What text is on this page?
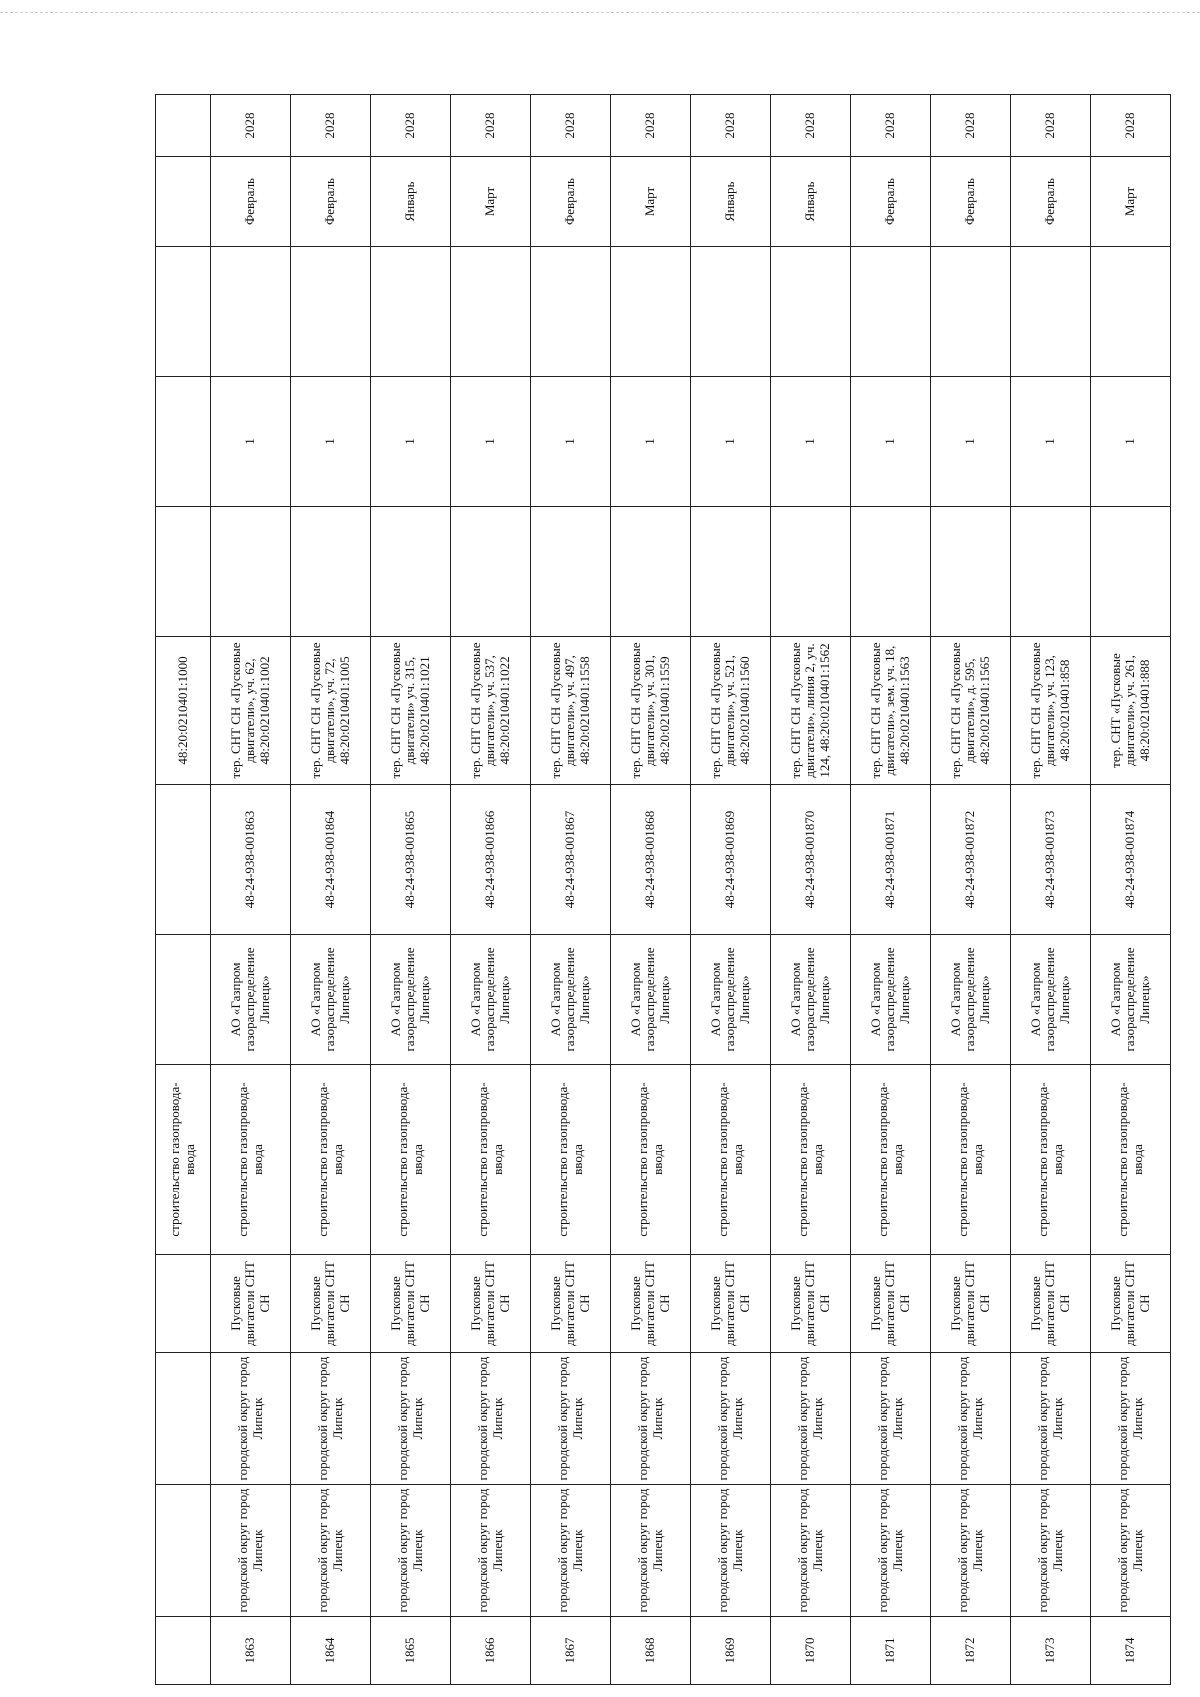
				строительство газопровода-ввода			48:20:0210401:1000					
1863	городской округ город Липецк	городской округ город Липецк	Пусковые двигатели СНТ СН	строительство газопровода-ввода	АО «Газпром газораспределение Липецк»	48-24-938-001863	тер. СНТ СН «Пусковые двигатели», уч. 62, 48:20:0210401:1002		1		Февраль	2028
1864	городской округ город Липецк	городской округ город Липецк	Пусковые двигатели СНТ СН	строительство газопровода-ввода	АО «Газпром газораспределение Липецк»	48-24-938-001864	тер. СНТ СН «Пусковые двигатели», уч. 72, 48:20:0210401:1005		1		Февраль	2028
1865	городской округ город Липецк	городской округ город Липецк	Пусковые двигатели СНТ СН	строительство газопровода-ввода	АО «Газпром газораспределение Липецк»	48-24-938-001865	тер. СНТ СН «Пусковые двигатели» уч. 315, 48:20:0210401:1021		1		Январь	2028
1866	городской округ город Липецк	городской округ город Липецк	Пусковые двигатели СНТ СН	строительство газопровода-ввода	АО «Газпром газораспределение Липецк»	48-24-938-001866	тер. СНТ СН «Пусковые двигатели», уч. 537, 48:20:0210401:1022		1		Март	2028
1867	городской округ город Липецк	городской округ город Липецк	Пусковые двигатели СНТ СН	строительство газопровода-ввода	АО «Газпром газораспределение Липецк»	48-24-938-001867	тер. СНТ СН «Пусковые двигатели», уч. 497, 48:20:0210401:1558		1		Февраль	2028
1868	городской округ город Липецк	городской округ город Липецк	Пусковые двигатели СНТ СН	строительство газопровода-ввода	АО «Газпром газораспределение Липецк»	48-24-938-001868	тер. СНТ СН «Пусковые двигатели», уч. 301, 48:20:0210401:1559		1		Март	2028
1869	городской округ город Липецк	городской округ город Липецк	Пусковые двигатели СНТ СН	строительство газопровода-ввода	АО «Газпром газораспределение Липецк»	48-24-938-001869	тер. СНТ СН «Пусковые двигатели», уч. 521, 48:20:0210401:1560		1		Январь	2028
1870	городской округ город Липецк	городской округ город Липецк	Пусковые двигатели СНТ СН	строительство газопровода-ввода	АО «Газпром газораспределение Липецк»	48-24-938-001870	тер. СНТ СН «Пусковые двигатели», линия 2, уч. 124, 48:20:0210401:1562		1		Январь	2028
1871	городской округ город Липецк	городской округ город Липецк	Пусковые двигатели СНТ СН	строительство газопровода-ввода	АО «Газпром газораспределение Липецк»	48-24-938-001871	тер. СНТ СН «Пусковые двигатели», зем. уч. 18, 48:20:0210401:1563		1		Февраль	2028
1872	городской округ город Липецк	городской округ город Липецк	Пусковые двигатели СНТ СН	строительство газопровода-ввода	АО «Газпром газораспределение Липецк»	48-24-938-001872	тер. СНТ СН «Пусковые двигатели», д. 595, 48:20:0210401:1565		1		Февраль	2028
1873	городской округ город Липецк	городской округ город Липецк	Пусковые двигатели СНТ СН	строительство газопровода-ввода	АО «Газпром газораспределение Липецк»	48-24-938-001873	тер. СНТ СН «Пусковые двигатели», уч. 123, 48:20:0210401:858		1		Февраль	2028
1874	городской округ город Липецк	городской округ город Липецк	Пусковые двигатели СНТ СН	строительство газопровода-ввода	АО «Газпром газораспределение Липецк»	48-24-938-001874	тер. СНТ «Пусковые двигатели», уч. 261, 48:20:0210401:888		1		Март	2028
